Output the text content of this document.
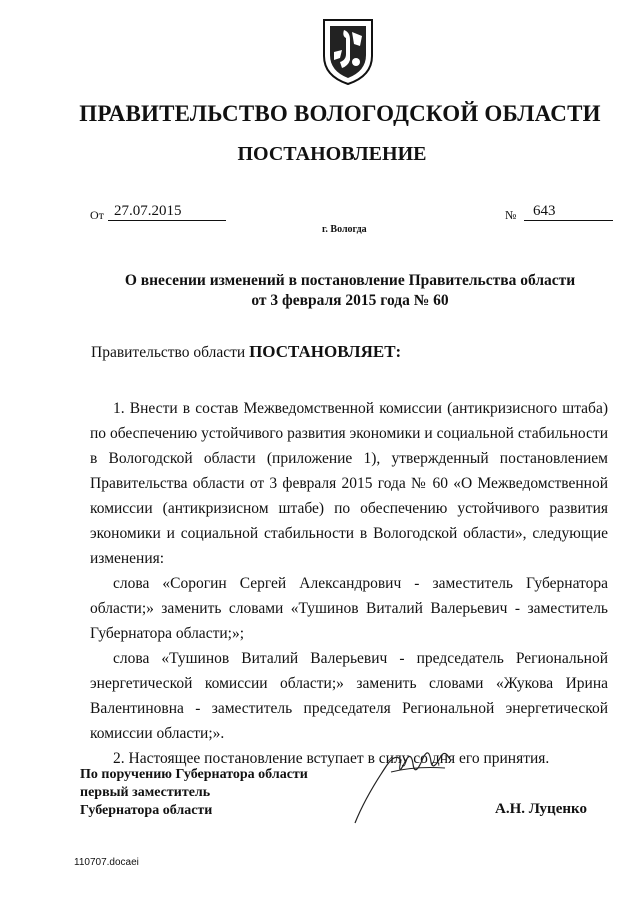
ПРАВИТЕЛЬСТВО ВОЛОГОДСКОЙ ОБЛАСТИ
ПОСТАНОВЛЕНИЕ
От 27.07.2015	№	643
г. Вологда
О внесении изменений в постановление Правительства области
от 3 февраля 2015 года № 60
Правительство области ПОСТАНОВЛЯЕТ:

1. Внести в состав Межведомственной комиссии (антикризисного штаба) по обеспечению устойчивого развития экономики и социальной стабильности в Вологодской области (приложение 1), утвержденный постановлением Правительства области от 3 февраля 2015 года № 60 «О Межведомственной комиссии (антикризисном штабе) по обеспечению устойчивого развития экономики и социальной стабильности в Вологодской области», следующие изменения:

слова «Сорогин Сергей Александрович - заместитель Губернатора области;» заменить словами «Тушинов Виталий Валерьевич - заместитель Губернатора области;»;

слова «Тушинов Виталий Валерьевич - председатель Региональной энергетической комиссии области;» заменить словами «Жукова Ирина Валентиновна - заместитель председателя Региональной энергетической комиссии области;».

2. Настоящее постановление вступает в силу со дня его принятия.

По поручению Губернатора области
первый заместитель
Губернатора области	А.Н. Луценко
110707.docaei
